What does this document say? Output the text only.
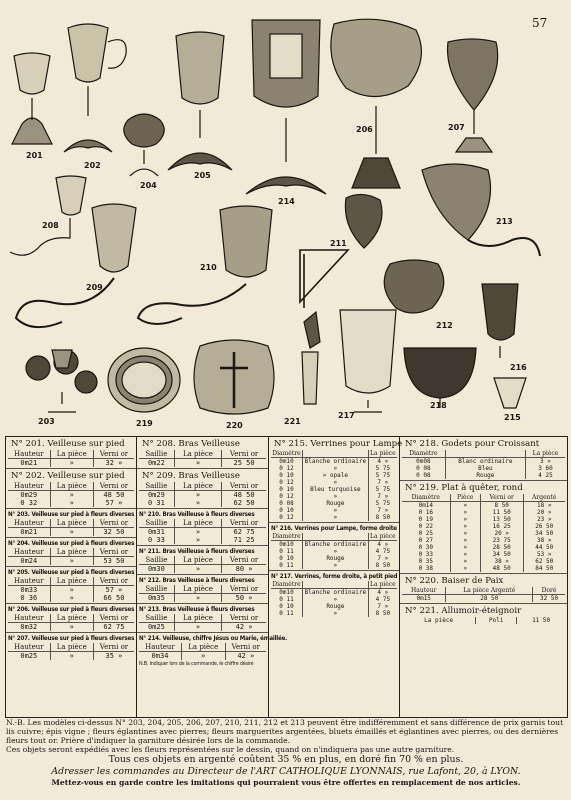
57
201
202
204
205
214
206	207
208
209
210
211
212
213
216
203	219	220	221
217
218
215
N° 201. Veilleuse sur pied
Hauteur	La pièce	Verni or
0m21	»	32 »
N° 202. Veilleuse sur pied
Hauteur	La pièce	Verni or
0m29	»	48 50
0 32	»	57 »
N° 203. Veilleuse sur pied à fleurs diverses
Hauteur	La pièce	Verni or
0m21	»	32 50
N° 204. Veilleuse sur pied à fleurs diverses
Hauteur	La pièce	Verni or
0m24	»	53 50
N° 205. Veilleuse sur pied à fleurs diverses
Hauteur	La pièce	Verni or
0m33	»	57 »
0 36	»	66 50
N° 206. Veilleuse sur pied à fleurs diverses
Hauteur	La pièce	Verni or
0m32	»	62 75
N° 207. Veilleuse sur pied à fleurs diverses
Hauteur	La pièce	Verni or
0m25	»	35 »
N° 208. Bras Veilleuse
Saillie	La pièce	Verni or
0m22	»	25 50
N° 209. Bras Veilleuse
Saillie	La pièce	Verni or
0m29	»	48 50
0 31	»	62 50
N° 210. Bras Veilleuse à fleurs diverses
Saillie	La pièce	Verni or
0m31	»	62 75
0 33	»	71 25
N° 211. Bras Veilleuse à fleurs diverses
Saillie	La pièce	Verni or
0m30	»	80 »
N° 212. Bras Veilleuse à fleurs diverses
Saillie	La pièce	Verni or
0m35	»	50 »
N° 213. Bras Veilleuse à fleurs diverses
Saillie	La pièce	Verni or
0m25	»	42 »
N° 214. Veilleuse, chiffre Jésus ou Marie, émaillée.
Hauteur	La pièce	Verni or
0m34	»	42 »
N.B. Indiquer lors de la commande, le chiffre désiré
N° 215. Verrines pour Lampe
Diamètre		La pièce
0m10	Blanche ordinaire	4 »
0 12	»	5 75
0 10	» opale	5 75
0 12	»	7 »
0 10	Bleu turquoise	5 75
0 12	»	7 »
0 08	Rouge	5 75
0 10	»	7 »
0 12	»	8 50
N° 216. Verrines pour Lampe, forme droite
Diamètre		La pièce
0m10	Blanche ordinaire	4 »
0 11	»	4 75
0 10	Rouge	7 »
0 11	»	8 50
N° 217. Verrines, forme droite, à petit pied
Diamètre		La pièce
0m10	Blanche ordinaire	4 »
0 11	»	4 75
0 10	Rouge	7 »
0 11	»	8 50
N° 218. Godets pour Croissant
Diamètre		La pièce
0m08	Blanc ordinaire	3 »
0 08	Bleu	3 60
0 08	Rouge	4 25
N° 219. Plat à quêter, rond
Diamètre	Pièce	Verni or	Argenté
0m14	»	8 50	18 »
0 16	»	11 50	20 »
0 19	»	13 50	23 »
0 22	»	16 25	26 50
0 25	»	20 »	34 50
0 27	»	23 75	38 »
0 30	»	28 50	44 50
0 33	»	34 50	53 »
0 35	»	38 »	62 50
0 38	»	48 50	84 50
N° 220. Baiser de Paix
Hauteur	La pièce Argenté	Doré
0m15	28 50	32 50
N° 221. Allumoir-éteignoir
La pièce	Poli	11 50

N.-B. Les modèles ci-dessus N° 203, 204, 205, 206, 207, 210, 211, 212 et 213 peuvent être indifféremment et sans différence de prix garnis tout lis cuivre; épis vigne ; fleurs églantines avec pierres; fleurs marguerites argentées, bluets émaillés et églantines avec pierres, ou des dernières fleurs tout or. Prière d'indiquer la garniture désirée lors de la commande.

Ces objets seront expédiés avec les fleurs représentées sur le dessin, quand on n'indiquera pas une autre garniture.

Tous ces objets en argenté coûtent 35 % en plus, en doré fin 70 % en plus.

Adresser les commandes au Directeur de l'ART CATHOLIQUE LYONNAIS, rue Lafont, 20, à LYON.

Mettez-vous en garde contre les imitations qui pourraient vous être offertes en remplacement de nos articles.
